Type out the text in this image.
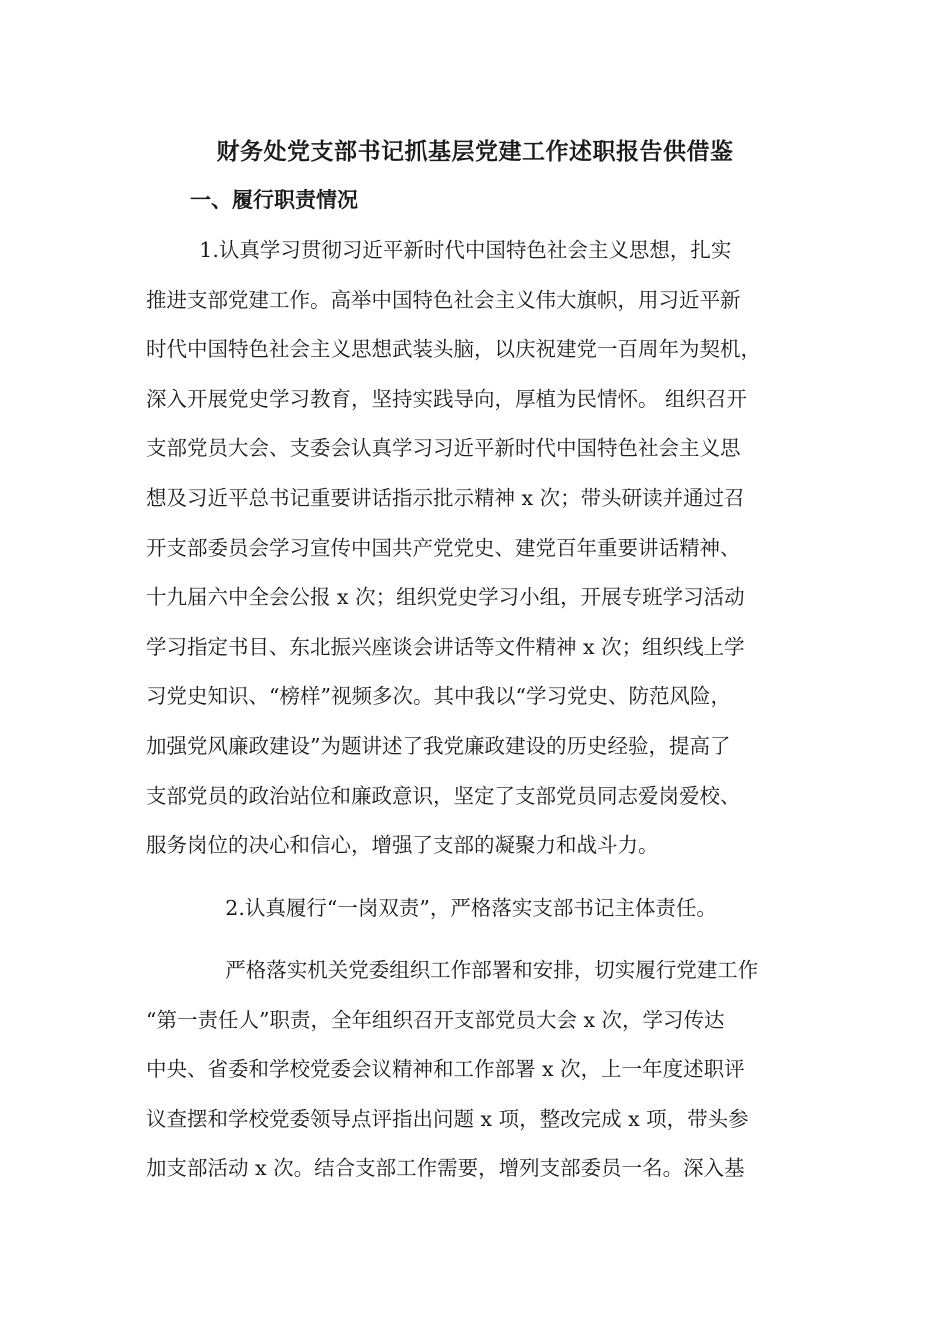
财务处党支部书记抓基层党建工作述职报告供借鉴
一、履行职责情况

1.认真学习贯彻习近平新时代中国特色社会主义思想，扎实
推进支部党建工作。高举中国特色社会主义伟大旗帜，用习近平新
时代中国特色社会主义思想武装头脑，以庆祝建党一百周年为契机，
深入开展党史学习教育，坚持实践导向，厚植为民情怀。 组织召开
支部党员大会、支委会认真学习习近平新时代中国特色社会主义思
想及习近平总书记重要讲话指示批示精神 x 次；带头研读并通过召
开支部委员会学习宣传中国共产党党史、建党百年重要讲话精神、
十九届六中全会公报 x 次；组织党史学习小组，开展专班学习活动
学习指定书目、东北振兴座谈会讲话等文件精神 x 次；组织线上学
习党史知识、“榜样”视频多次。其中我以“学习党史、防范风险，
加强党风廉政建设”为题讲述了我党廉政建设的历史经验，提高了
支部党员的政治站位和廉政意识，坚定了支部党员同志爱岗爱校、
服务岗位的决心和信心，增强了支部的凝聚力和战斗力。

2.认真履行“一岗双责”，严格落实支部书记主体责任。

严格落实机关党委组织工作部署和安排，切实履行党建工作
“第一责任人”职责，全年组织召开支部党员大会 x 次，学习传达
中央、省委和学校党委会议精神和工作部署 x 次，上一年度述职评
议查摆和学校党委领导点评指出问题 x 项，整改完成 x 项，带头参
加支部活动 x 次。结合支部工作需要，增列支部委员一名。深入基
